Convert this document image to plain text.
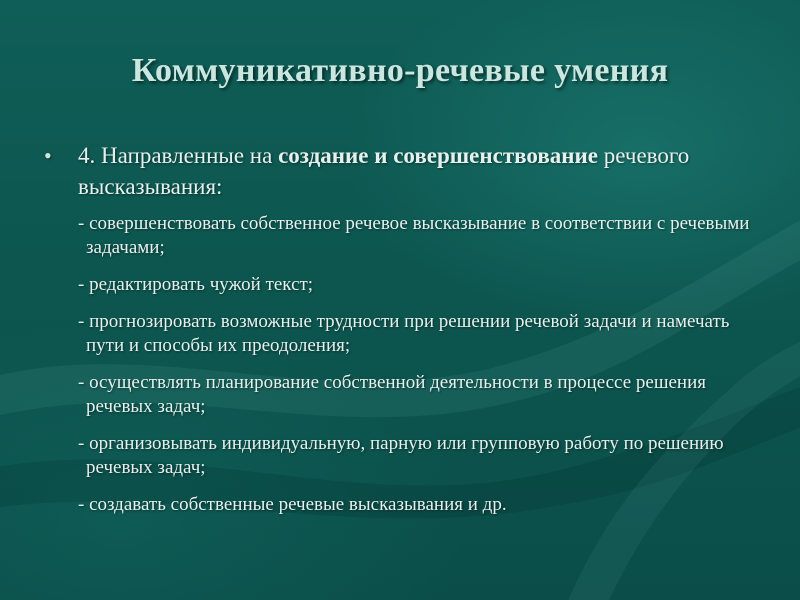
Коммуникативно-речевые умения
• 4. Направленные на создание и совершенствование речевого высказывания:
- совершенствовать собственное речевое высказывание в соответствии с речевыми задачами;
- редактировать чужой текст;
- прогнозировать возможные трудности при решении речевой задачи и намечать пути и способы их преодоления;
- осуществлять планирование собственной деятельности в процессе решения речевых задач;
- организовывать индивидуальную, парную или групповую работу по решению речевых задач;
- создавать собственные речевые высказывания и др.
